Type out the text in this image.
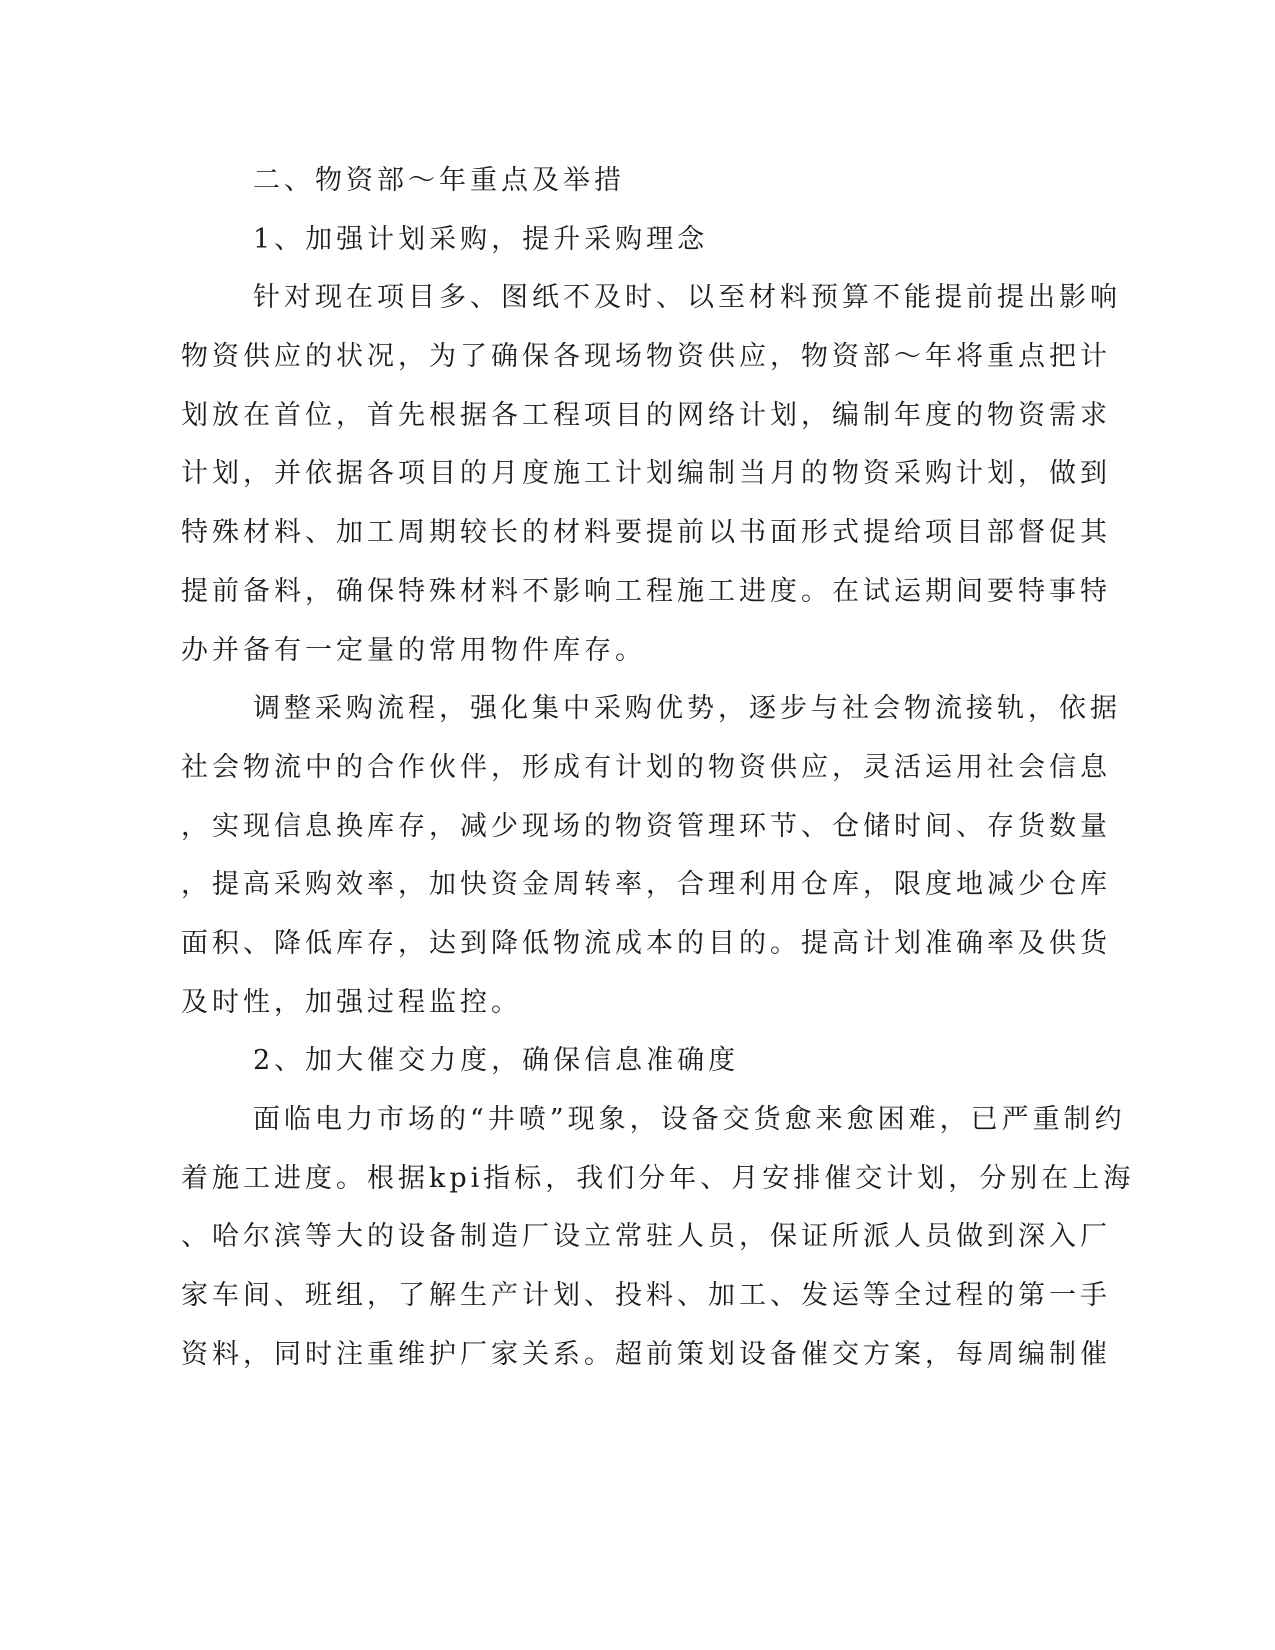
二、物资部～年重点及举措
1、加强计划采购，提升采购理念
针对现在项目多、图纸不及时、以至材料预算不能提前提出影响
物资供应的状况，为了确保各现场物资供应，物资部～年将重点把计
划放在首位，首先根据各工程项目的网络计划，编制年度的物资需求
计划，并依据各项目的月度施工计划编制当月的物资采购计划，做到
特殊材料、加工周期较长的材料要提前以书面形式提给项目部督促其
提前备料，确保特殊材料不影响工程施工进度。在试运期间要特事特
办并备有一定量的常用物件库存。
调整采购流程，强化集中采购优势，逐步与社会物流接轨，依据
社会物流中的合作伙伴，形成有计划的物资供应，灵活运用社会信息
，实现信息换库存，减少现场的物资管理环节、仓储时间、存货数量
，提高采购效率，加快资金周转率，合理利用仓库，限度地减少仓库
面积、降低库存，达到降低物流成本的目的。提高计划准确率及供货
及时性，加强过程监控。
2、加大催交力度，确保信息准确度
面临电力市场的“井喷”现象，设备交货愈来愈困难，已严重制约
着施工进度。根据kpi指标，我们分年、月安排催交计划，分别在上海
、哈尔滨等大的设备制造厂设立常驻人员，保证所派人员做到深入厂
家车间、班组，了解生产计划、投料、加工、发运等全过程的第一手
资料，同时注重维护厂家关系。超前策划设备催交方案，每周编制催
